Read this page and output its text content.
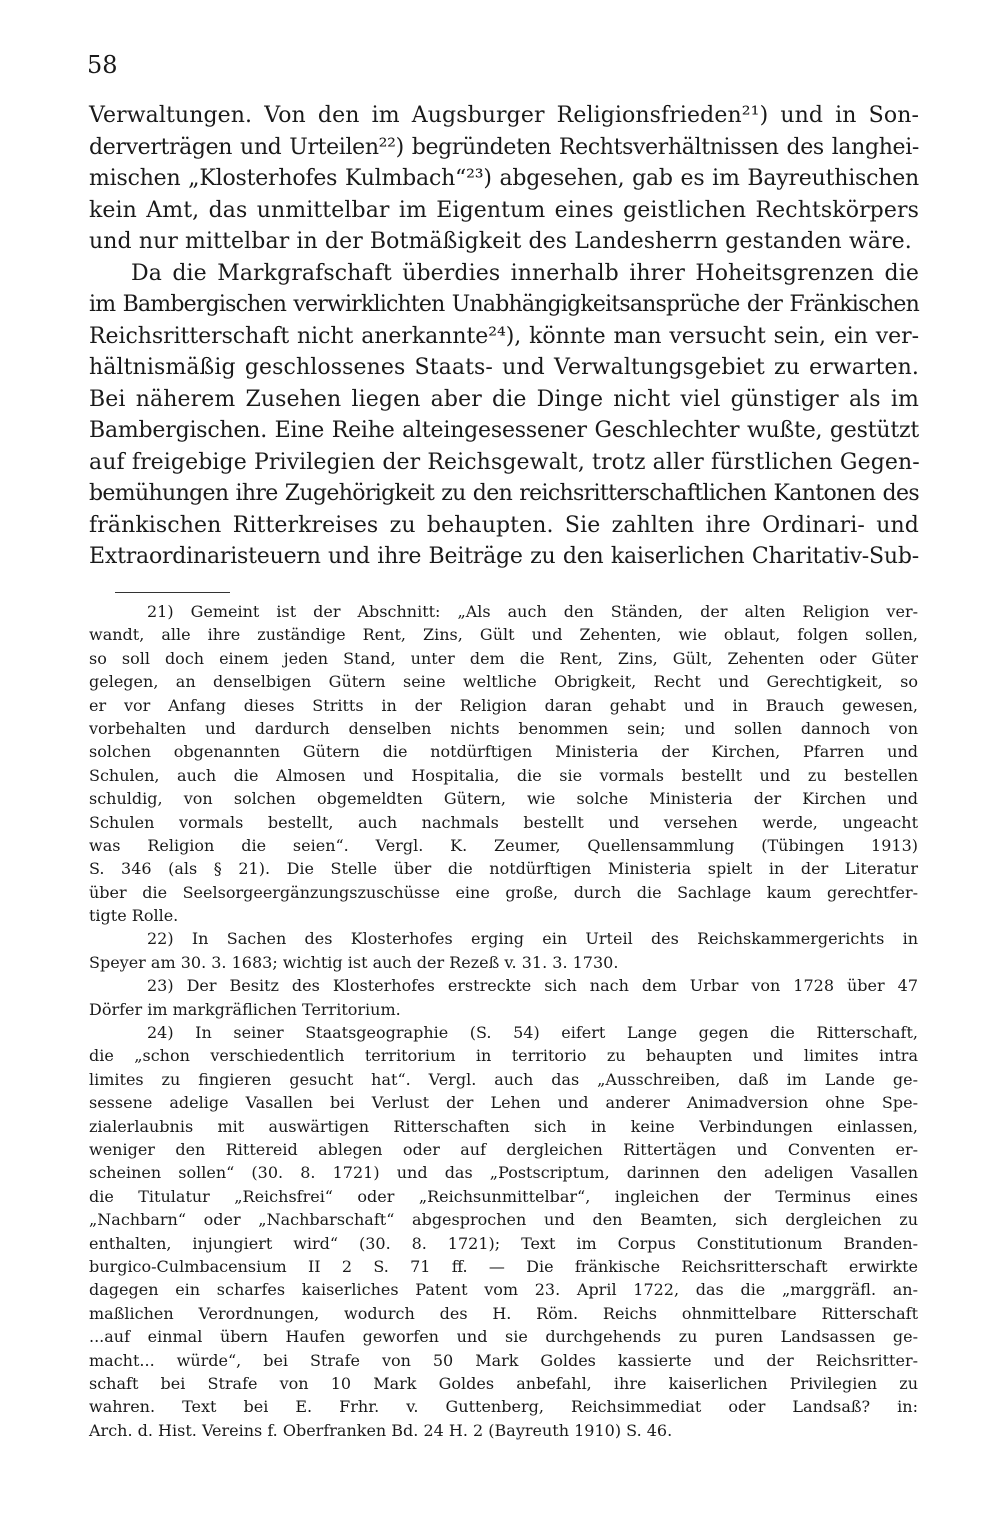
58
Verwaltungen. Von den im Augsburger Religionsfrieden²¹) und in Son-
derverträgen und Urteilen²²) begründeten Rechtsverhältnissen des langhei-
mischen „Klosterhofes Kulmbach“²³) abgesehen, gab es im Bayreuthischen
kein Amt, das unmittelbar im Eigentum eines geistlichen Rechtskörpers
und nur mittelbar in der Botmäßigkeit des Landesherrn gestanden wäre.
Da die Markgrafschaft überdies innerhalb ihrer Hoheitsgrenzen die
im Bambergischen verwirklichten Unabhängigkeitsansprüche der Fränkischen
Reichsritterschaft nicht anerkannte²⁴), könnte man versucht sein, ein ver-
hältnismäßig geschlossenes Staats- und Verwaltungsgebiet zu erwarten.
Bei näherem Zusehen liegen aber die Dinge nicht viel günstiger als im
Bambergischen. Eine Reihe alteingesessener Geschlechter wußte, gestützt
auf freigebige Privilegien der Reichsgewalt, trotz aller fürstlichen Gegen-
bemühungen ihre Zugehörigkeit zu den reichsritterschaftlichen Kantonen des
fränkischen Ritterkreises zu behaupten. Sie zahlten ihre Ordinari- und
Extraordinaristeuern und ihre Beiträge zu den kaiserlichen Charitativ-Sub-
21) Gemeint ist der Abschnitt: „Als auch den Ständen, der alten Religion ver-
wandt, alle ihre zuständige Rent, Zins, Gült und Zehenten, wie oblaut, folgen sollen,
so soll doch einem jeden Stand, unter dem die Rent, Zins, Gült, Zehenten oder Güter
gelegen, an denselbigen Gütern seine weltliche Obrigkeit, Recht und Gerechtigkeit, so
er vor Anfang dieses Stritts in der Religion daran gehabt und in Brauch gewesen,
vorbehalten und dardurch denselben nichts benommen sein; und sollen dannoch von
solchen obgenannten Gütern die notdürftigen Ministeria der Kirchen, Pfarren und
Schulen, auch die Almosen und Hospitalia, die sie vormals bestellt und zu bestellen
schuldig, von solchen obgemeldten Gütern, wie solche Ministeria der Kirchen und
Schulen vormals bestellt, auch nachmals bestellt und versehen werde, ungeacht
was Religion die seien“. Vergl. K. Zeumer, Quellensammlung (Tübingen 1913)
S. 346 (als § 21). Die Stelle über die notdürftigen Ministeria spielt in der Literatur
über die Seelsorgeergänzungszuschüsse eine große, durch die Sachlage kaum gerechtfer-
tigte Rolle.
22) In Sachen des Klosterhofes erging ein Urteil des Reichskammergerichts in
Speyer am 30. 3. 1683; wichtig ist auch der Rezeß v. 31. 3. 1730.
23) Der Besitz des Klosterhofes erstreckte sich nach dem Urbar von 1728 über 47
Dörfer im markgräflichen Territorium.
24) In seiner Staatsgeographie (S. 54) eifert Lange gegen die Ritterschaft,
die „schon verschiedentlich territorium in territorio zu behaupten und limites intra
limites zu fingieren gesucht hat“. Vergl. auch das „Ausschreiben, daß im Lande ge-
sessene adelige Vasallen bei Verlust der Lehen und anderer Animadversion ohne Spe-
zialerlaubnis mit auswärtigen Ritterschaften sich in keine Verbindungen einlassen,
weniger den Rittereid ablegen oder auf dergleichen Rittertägen und Conventen er-
scheinen sollen“ (30. 8. 1721) und das „Postscriptum, darinnen den adeligen Vasallen
die Titulatur „Reichsfrei“ oder „Reichsunmittelbar“, ingleichen der Terminus eines
„Nachbarn“ oder „Nachbarschaft“ abgesprochen und den Beamten, sich dergleichen zu
enthalten, injungiert wird“ (30. 8. 1721); Text im Corpus Constitutionum Branden-
burgico-Culmbacensium II 2 S. 71 ff. — Die fränkische Reichsritterschaft erwirkte
dagegen ein scharfes kaiserliches Patent vom 23. April 1722, das die „marggräfl. an-
maßlichen Verordnungen, wodurch des H. Röm. Reichs ohnmittelbare Ritterschaft
...auf einmal übern Haufen geworfen und sie durchgehends zu puren Landsassen ge-
macht... würde“, bei Strafe von 50 Mark Goldes kassierte und der Reichsritter-
schaft bei Strafe von 10 Mark Goldes anbefahl, ihre kaiserlichen Privilegien zu
wahren. Text bei E. Frhr. v. Guttenberg, Reichsimmediat oder Landsaß? in:
Arch. d. Hist. Vereins f. Oberfranken Bd. 24 H. 2 (Bayreuth 1910) S. 46.
